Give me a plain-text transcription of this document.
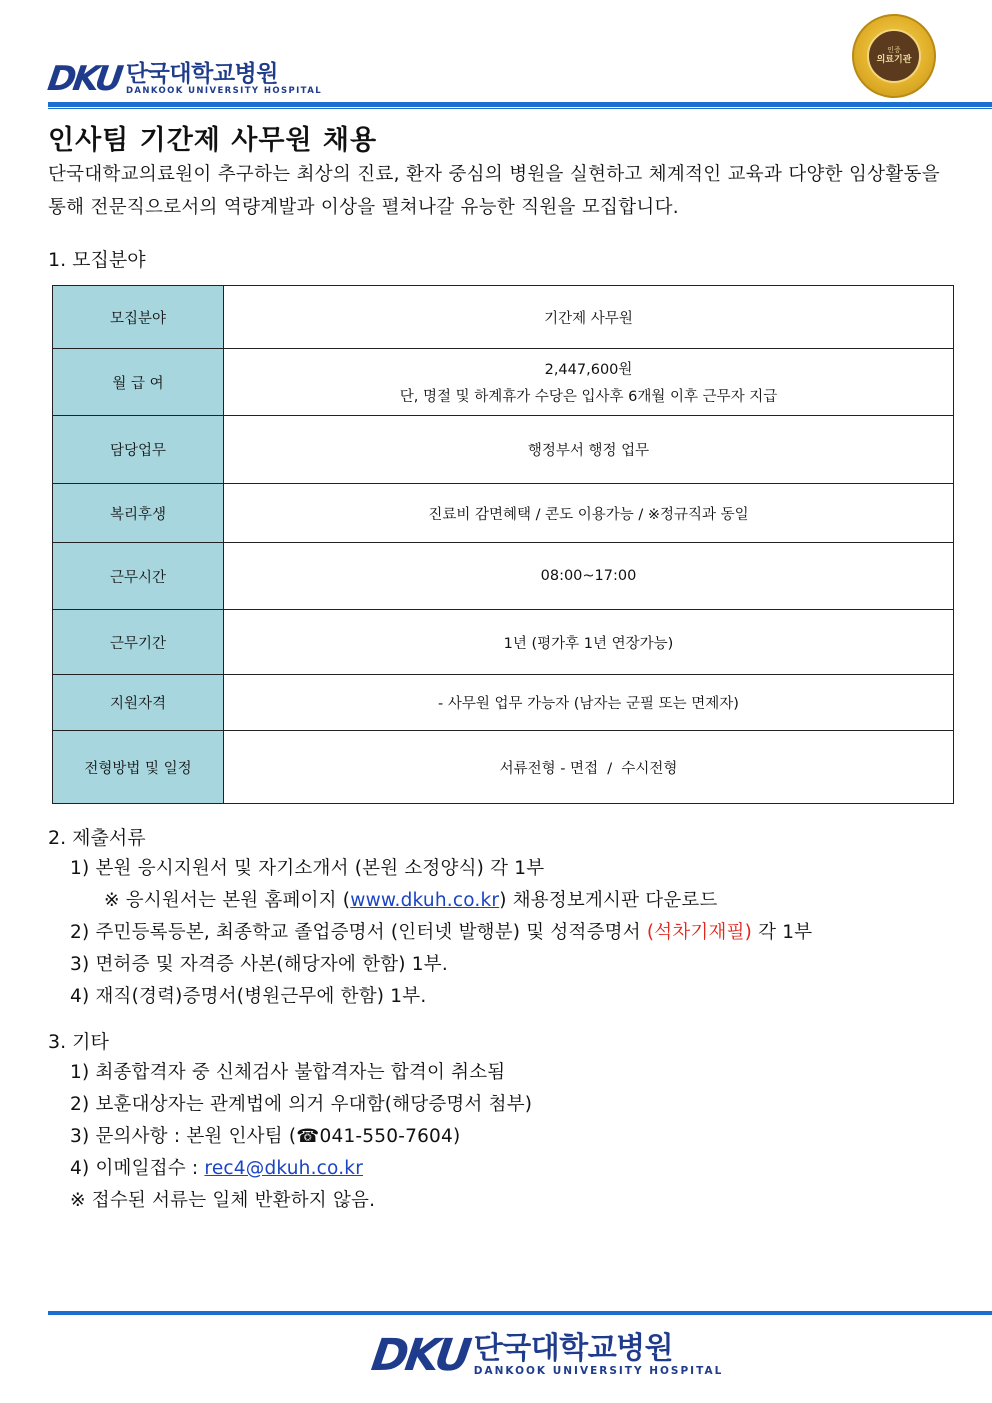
DKU 단국대학교병원
DANKOOK UNIVERSITY HOSPITAL
인증
의료기관
인사팀 기간제 사무원 채용
단국대학교의료원이 추구하는 최상의 진료, 환자 중심의 병원을 실현하고 체계적인 교육과 다양한 임상활동을 통해 전문직으로서의 역량계발과 이상을 펼쳐나갈 유능한 직원을 모집합니다.
1. 모집분야
모집분야	기간제 사무원
월 급 여	2,447,600원
단, 명절 및 하계휴가 수당은 입사후 6개월 이후 근무자 지급

담당업무	행정부서 행정 업무
복리후생	진료비 감면혜택 / 콘도 이용가능 / ※정규직과 동일
근무시간	08:00~17:00
근무기간	1년 (평가후 1년 연장가능)
지원자격	- 사무원 업무 가능자 (남자는 군필 또는 면제자)
전형방법 및 일정	서류전형 - 면접  /  수시전형
2. 제출서류
1) 본원 응시지원서 및 자기소개서 (본원 소정양식) 각 1부
※ 응시원서는 본원 홈페이지 (www.dkuh.co.kr) 채용정보게시판 다운로드
2) 주민등록등본, 최종학교 졸업증명서 (인터넷 발행분) 및 성적증명서 (석차기재필) 각 1부
3) 면허증 및 자격증 사본(해당자에 한함) 1부.
4) 재직(경력)증명서(병원근무에 한함) 1부.
3. 기타
1) 최종합격자 중 신체검사 불합격자는 합격이 취소됨
2) 보훈대상자는 관계법에 의거 우대함(해당증명서 첨부)
3) 문의사항 : 본원 인사팀 (☎041-550-7604)
4) 이메일접수 : rec4@dkuh.co.kr
※ 접수된 서류는 일체 반환하지 않음.
DKU 단국대학교병원
DANKOOK UNIVERSITY HOSPITAL
